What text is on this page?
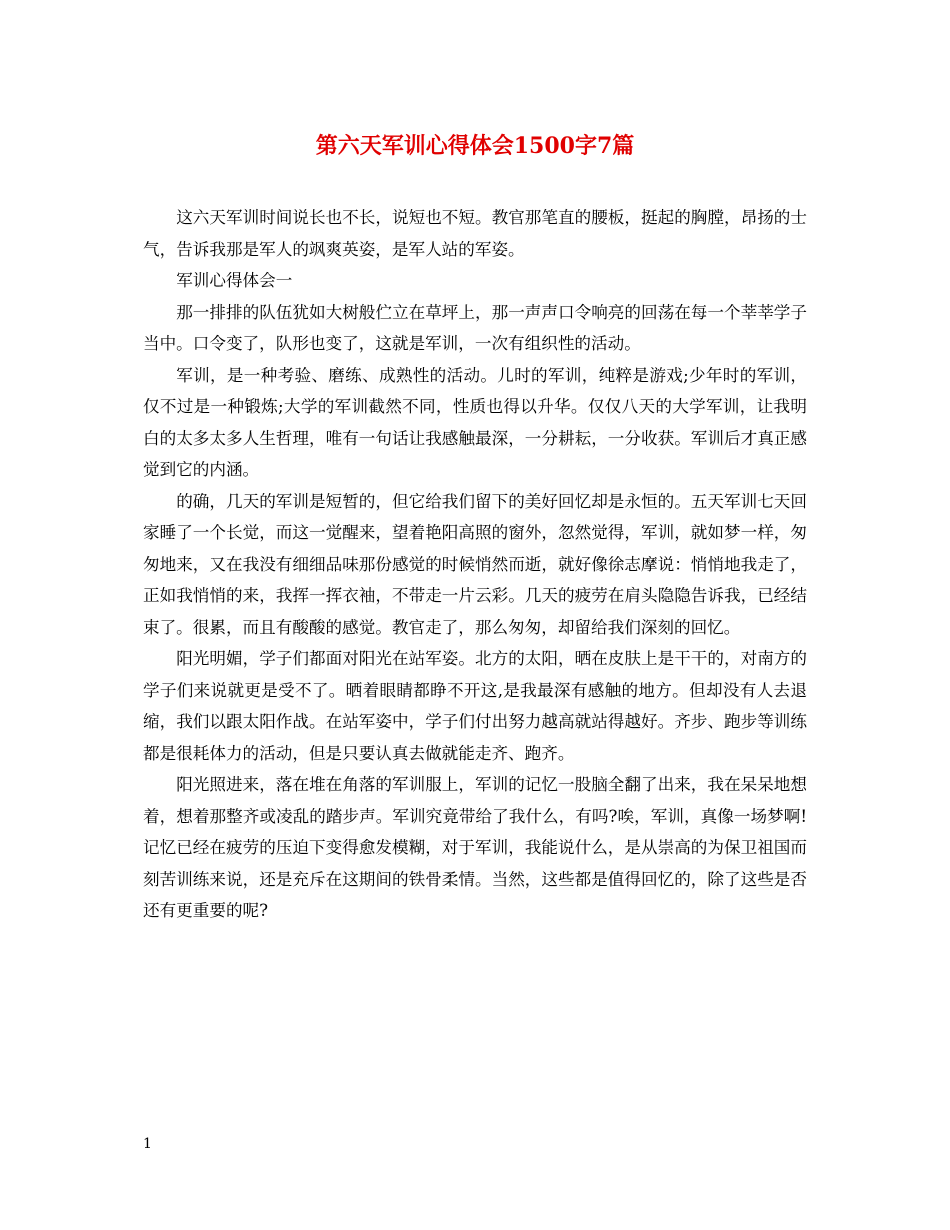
第六天军训心得体会1500字7篇

这六天军训时间说长也不长，说短也不短。教官那笔直的腰板，挺起的胸膛，昂扬的士气，告诉我那是军人的飒爽英姿，是军人站的军姿。

军训心得体会一

那一排排的队伍犹如大树般伫立在草坪上，那一声声口令响亮的回荡在每一个莘莘学子当中。口令变了，队形也变了，这就是军训，一次有组织性的活动。

军训，是一种考验、磨练、成熟性的活动。儿时的军训，纯粹是游戏;少年时的军训，仅不过是一种锻炼;大学的军训截然不同，性质也得以升华。仅仅八天的大学军训，让我明白的太多太多人生哲理，唯有一句话让我感触最深，一分耕耘，一分收获。军训后才真正感觉到它的内涵。

的确，几天的军训是短暂的，但它给我们留下的美好回忆却是永恒的。五天军训七天回家睡了一个长觉，而这一觉醒来，望着艳阳高照的窗外，忽然觉得，军训，就如梦一样，匆匆地来，又在我没有细细品味那份感觉的时候悄然而逝，就好像徐志摩说：悄悄地我走了，正如我悄悄的来，我挥一挥衣袖，不带走一片云彩。几天的疲劳在肩头隐隐告诉我，已经结束了。很累，而且有酸酸的感觉。教官走了，那么匆匆，却留给我们深刻的回忆。

阳光明媚，学子们都面对阳光在站军姿。北方的太阳，晒在皮肤上是干干的，对南方的学子们来说就更是受不了。晒着眼睛都睁不开这,是我最深有感触的地方。但却没有人去退缩，我们以跟太阳作战。在站军姿中，学子们付出努力越高就站得越好。齐步、跑步等训练都是很耗体力的活动，但是只要认真去做就能走齐、跑齐。

阳光照进来，落在堆在角落的军训服上，军训的记忆一股脑全翻了出来，我在呆呆地想着，想着那整齐或凌乱的踏步声。军训究竟带给了我什么，有吗?唉，军训，真像一场梦啊!记忆已经在疲劳的压迫下变得愈发模糊，对于军训，我能说什么，是从崇高的为保卫祖国而刻苦训练来说，还是充斥在这期间的铁骨柔情。当然，这些都是值得回忆的，除了这些是否还有更重要的呢?

1
